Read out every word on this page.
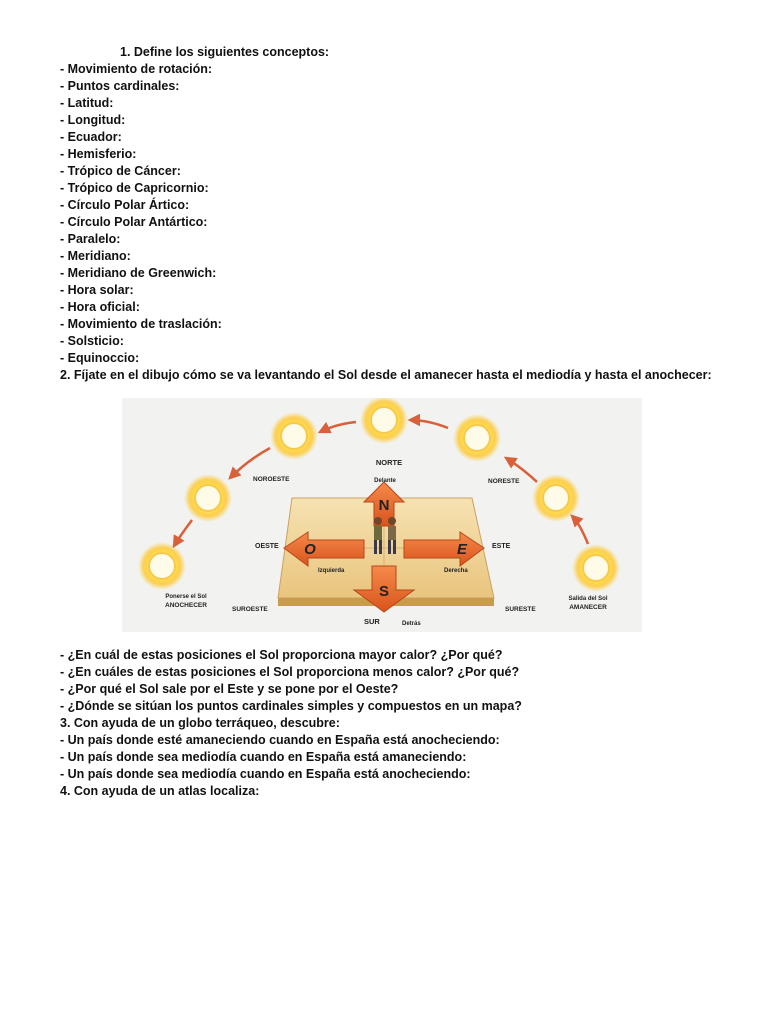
1. Define los siguientes conceptos:
- Movimiento de rotación:
- Puntos cardinales:
- Latitud:
- Longitud:
- Ecuador:
- Hemisferio:
- Trópico de Cáncer:
- Trópico de Capricornio:
- Círculo Polar Ártico:
- Círculo Polar Antártico:
- Paralelo:
- Meridiano:
- Meridiano de Greenwich:
- Hora solar:
- Hora oficial:
- Movimiento de traslación:
- Solsticio:
- Equinoccio:
2. Fíjate en el dibujo cómo se va levantando el Sol desde el amanecer hasta el mediodía y hasta el anochecer:
N
O	E
S
NORTE
Delante
NOROESTE	NORESTE
OESTE	ESTE
Izquierda	Derecha
SUROESTE	SURESTE
SUR	Detrás
Ponerse el Sol
ANOCHECER
Salida del Sol
AMANECER
- ¿En cuál de estas posiciones el Sol proporciona mayor calor? ¿Por qué?
- ¿En cuáles de estas posiciones el Sol proporciona menos calor? ¿Por qué?
- ¿Por qué el Sol sale por el Este y se pone por el Oeste?
- ¿Dónde se sitúan los puntos cardinales simples y compuestos en un mapa?
3. Con ayuda de un globo terráqueo, descubre:
- Un país donde esté amaneciendo cuando en España está anocheciendo:
- Un país donde sea mediodía cuando en España está amaneciendo:
- Un país donde sea mediodía cuando en España está anocheciendo:
4. Con ayuda de un atlas localiza:
